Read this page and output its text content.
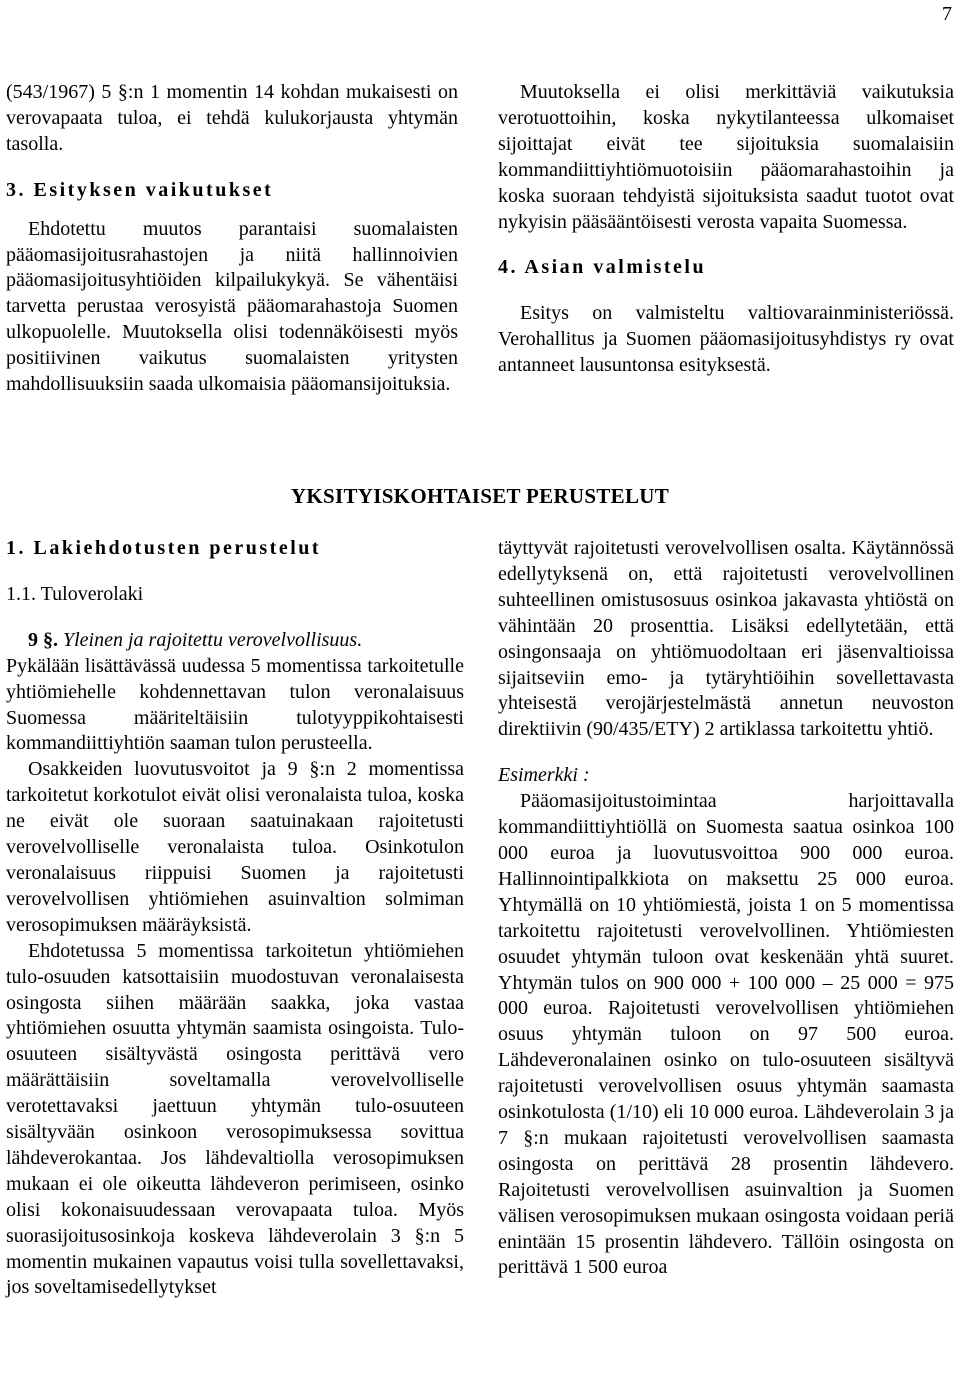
7

(543/1967) 5 §:n 1 momentin 14 kohdan mukaisesti on verovapaata tuloa, ei tehdä kulukorjausta yhtymän tasolla.

3. Esityksen vaikutukset

Ehdotettu muutos parantaisi suomalaisten pääomasijoitusrahastojen ja niitä hallinnoivien pääomasijoitusyhtiöiden kilpailukykyä. Se vähentäisi tarvetta perustaa verosyistä pääomarahastoja Suomen ulkopuolelle. Muutoksella olisi todennäköisesti myös positiivinen vaikutus suomalaisten yritysten mahdollisuuksiin saada ulkomaisia pääomansijoituksia.

Muutoksella ei olisi merkittäviä vaikutuksia verotuottoihin, koska nykytilanteessa ulkomaiset sijoittajat eivät tee sijoituksia suomalaisiin kommandiittiyhtiömuotoisiin pääomarahastoihin ja koska suoraan tehdyistä sijoituksista saadut tuotot ovat nykyisin pääsääntöisesti verosta vapaita Suomessa.

4. Asian valmistelu

Esitys on valmisteltu valtiovarainministeriössä. Verohallitus ja Suomen pääomasijoitusyhdistys ry ovat antanneet lausuntonsa esityksestä.

YKSITYISKOHTAISET PERUSTELUT

1. Lakiehdotusten perustelut

1.1. Tuloverolaki

9 §. Yleinen ja rajoitettu verovelvollisuus.

Pykälään lisättävässä uudessa 5 momentissa tarkoitetulle yhtiömiehelle kohdennettavan tulon veronalaisuus Suomessa määriteltäisiin tulotyyppikohtaisesti kommandiittiyhtiön saaman tulon perusteella.

Osakkeiden luovutusvoitot ja 9 §:n 2 momentissa tarkoitetut korkotulot eivät olisi veronalaista tuloa, koska ne eivät ole suoraan saatuinakaan rajoitetusti verovelvolliselle veronalaista tuloa. Osinkotulon veronalaisuus riippuisi Suomen ja rajoitetusti verovelvollisen yhtiömiehen asuinvaltion solmiman verosopimuksen määräyksistä.

Ehdotetussa 5 momentissa tarkoitetun yhtiömiehen tulo-osuuden katsottaisiin muodostuvan veronalaisesta osingosta siihen määrään saakka, joka vastaa yhtiömiehen osuutta yhtymän saamista osingoista. Tulo-osuuteen sisältyvästä osingosta perittävä vero määrättäisiin soveltamalla verovelvolliselle verotettavaksi jaettuun yhtymän tulo-osuuteen sisältyvään osinkoon verosopimuksessa sovittua lähdeverokantaa. Jos lähdevaltiolla verosopimuksen mukaan ei ole oikeutta lähdeveron perimiseen, osinko olisi kokonaisuudessaan verovapaata tuloa. Myös suorasijoitusosinkoja koskeva lähdeverolain 3 §:n 5 momentin mukainen vapautus voisi tulla sovellettavaksi, jos soveltamisedellytykset

täyttyvät rajoitetusti verovelvollisen osalta. Käytännössä edellytyksenä on, että rajoitetusti verovelvollinen suhteellinen omistusosuus osinkoa jakavasta yhtiöstä on vähintään 20 prosenttia. Lisäksi edellytetään, että osingonsaaja on yhtiömuodoltaan eri jäsenvaltioissa sijaitseviin emo- ja tytäryhtiöihin sovellettavasta yhteisestä verojärjestelmästä annetun neuvoston direktiivin (90/435/ETY) 2 artiklassa tarkoitettu yhtiö.

Esimerkki :

Pääomasijoitustoimintaa harjoittavalla kommandiittiyhtiöllä on Suomesta saatua osinkoa 100 000 euroa ja luovutusvoittoa 900 000 euroa. Hallinnointipalkkiota on maksettu 25 000 euroa. Yhtymällä on 10 yhtiömiestä, joista 1 on 5 momentissa tarkoitettu rajoitetusti verovelvollinen. Yhtiömiesten osuudet yhtymän tuloon ovat keskenään yhtä suuret. Yhtymän tulos on 900 000 + 100 000 – 25 000 = 975 000 euroa. Rajoitetusti verovelvollisen yhtiömiehen osuus yhtymän tuloon on 97 500 euroa. Lähdeveronalainen osinko on tulo-osuuteen sisältyvä rajoitetusti verovelvollisen osuus yhtymän saamasta osinkotulosta (1/10) eli 10 000 euroa. Lähdeverolain 3 ja 7 §:n mukaan rajoitetusti verovelvollisen saamasta osingosta on perittävä 28 prosentin lähdevero. Rajoitetusti verovelvollisen asuinvaltion ja Suomen välisen verosopimuksen mukaan osingosta voidaan periä enintään 15 prosentin lähdevero. Tällöin osingosta on perittävä 1 500 euroa
